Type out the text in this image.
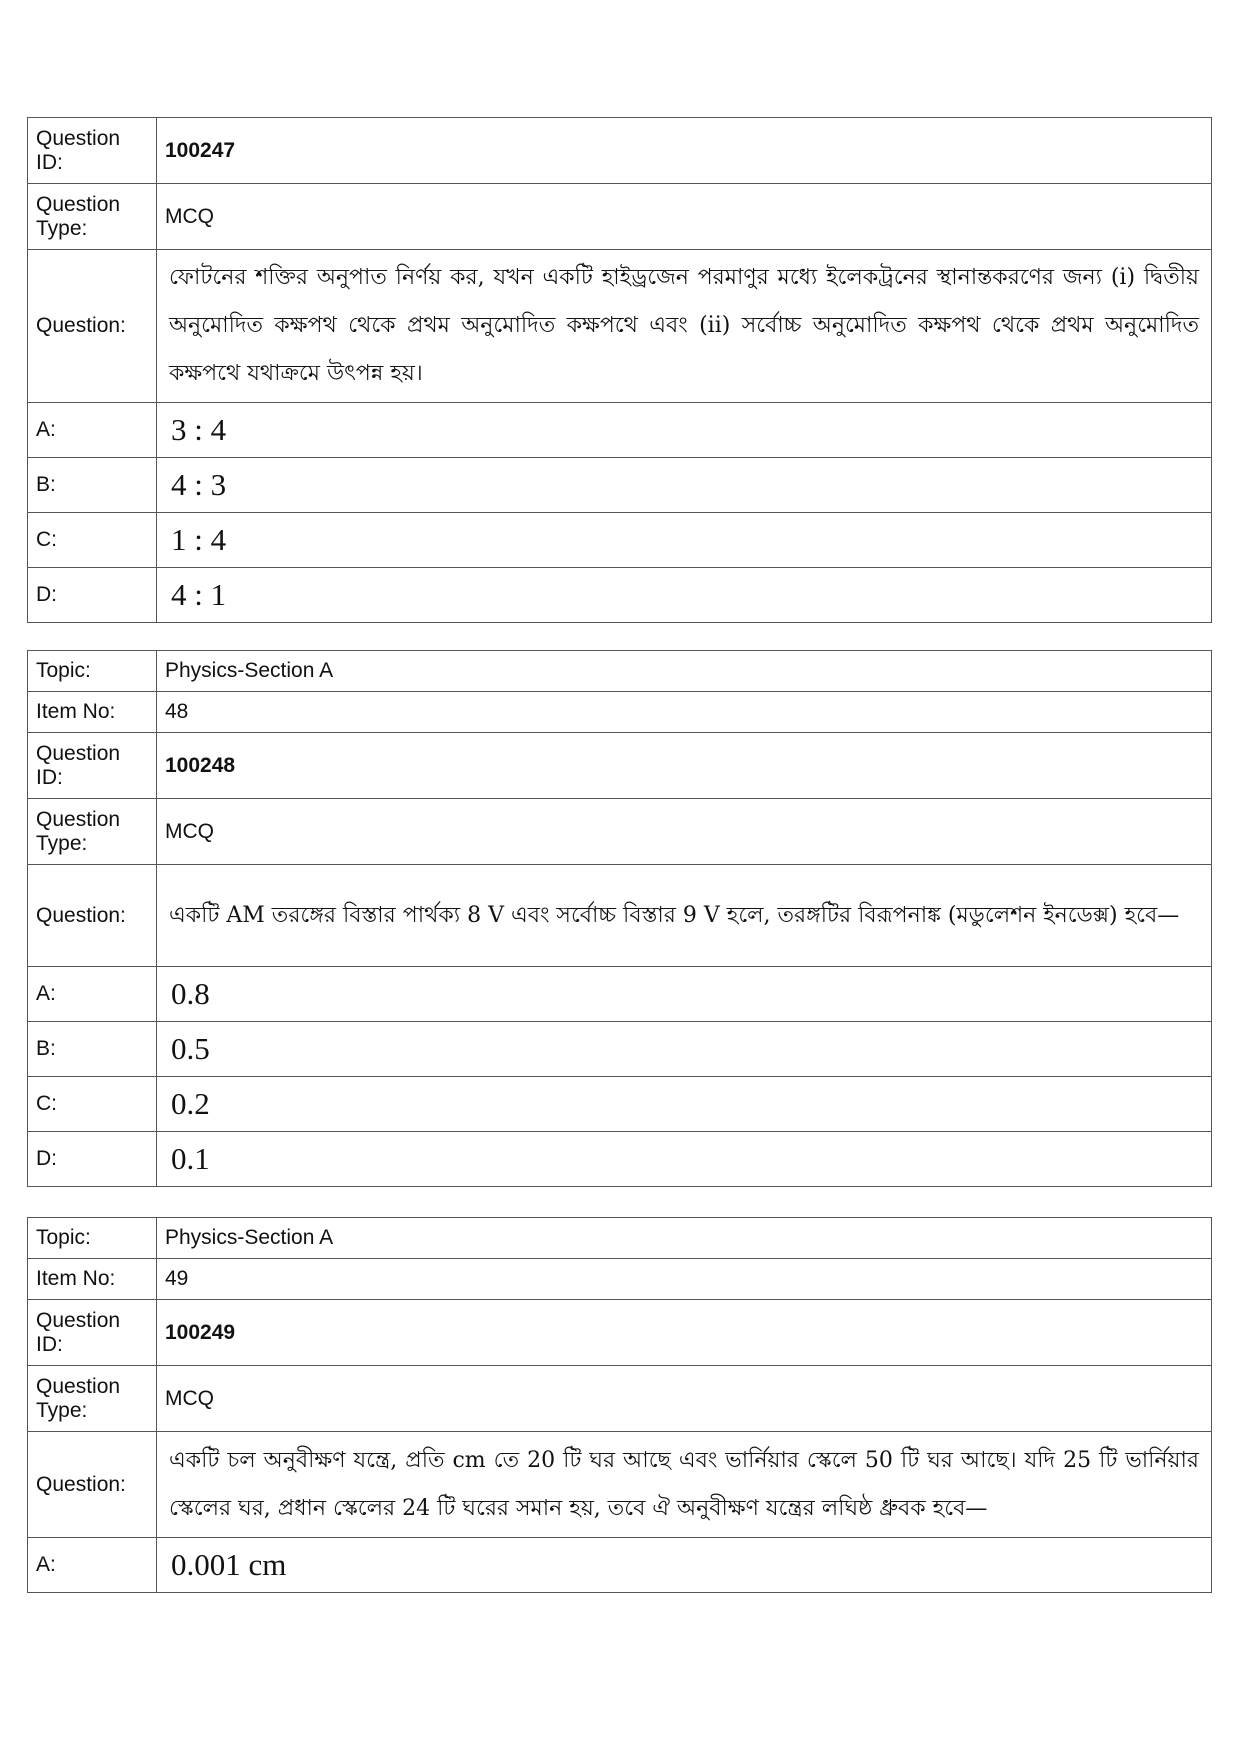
Question ID:	100247
Question Type:	MCQ
Question:	ফোটনের শক্তির অনুপাত নির্ণয় কর, যখন একটি হাইড্রজেন পরমাণুর মধ্যে ইলেকট্রনের স্থানান্তকরণের জন্য (i) দ্বিতীয় অনুমোদিত কক্ষপথ থেকে প্রথম অনুমোদিত কক্ষপথে এবং (ii) সর্বোচ্চ অনুমোদিত কক্ষপথ থেকে প্রথম অনুমোদিত কক্ষপথে যথাক্রমে উৎপন্ন হয়।
A:	3 : 4
B:	4 : 3
C:	1 : 4
D:	4 : 1
Topic:	Physics-Section A
Item No:	48
Question ID:	100248
Question Type:	MCQ
Question:	একটি AM তরঙ্গের বিস্তার পার্থক্য 8 V এবং সর্বোচ্চ বিস্তার 9 V হলে, তরঙ্গটির বিরূপনাঙ্ক (মডুলেশন ইনডেক্স) হবে—
A:	0.8
B:	0.5
C:	0.2
D:	0.1
Topic:	Physics-Section A
Item No:	49
Question ID:	100249
Question Type:	MCQ
Question:	একটি চল অনুবীক্ষণ যন্ত্রে, প্রতি cm তে 20 টি ঘর আছে এবং ভার্নিয়ার স্কেলে 50 টি ঘর আছে। যদি 25 টি ভার্নিয়ার স্কেলের ঘর, প্রধান স্কেলের 24 টি ঘরের সমান হয়, তবে ঐ অনুবীক্ষণ যন্ত্রের লঘিষ্ঠ ধ্রুবক হবে—
A:	0.001 cm
